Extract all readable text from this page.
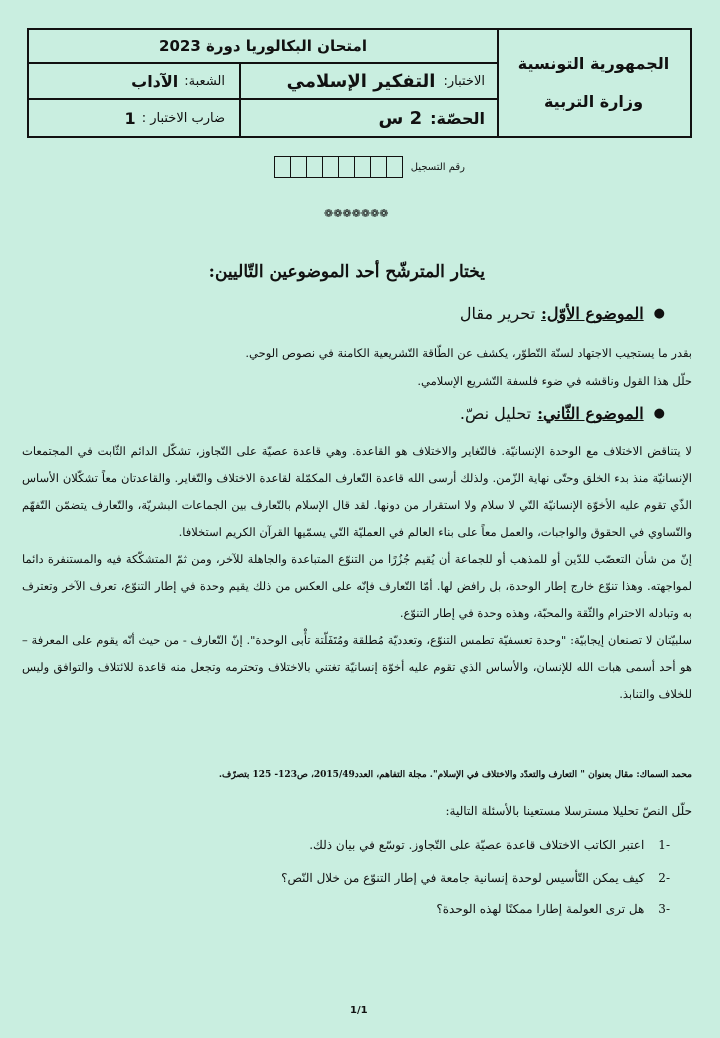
امتحان البكالوريا دورة 2023
الاختبار:
التفكير الإسلامي
الشعبة:
الآداب
الحصّة:
2 س
ضارب الاختبار :
1
الجمهورية التونسية
وزارة التربية
رقم التسجيل
❁❁❁❁❁❁❁
يختار المترشّح أحد الموضوعين التّاليين:
●
الموضوع الأوّل:
تحرير مقال
بقدر ما يستجيب الاجتهاد لسنّة التّطوّر، يكشف عن الطّاقة التّشريعية الكامنة في نصوص الوحي.
حلّل هذا القول وناقشه في ضوء فلسفة التّشريع الإسلامي.
●
الموضوع الثّاني:
تحليل نصّ.
لا يتناقض الاختلاف مع الوحدة الإنسانيّة. فالتّغاير والاختلاف هو القاعدة. وهي قاعدة عصيّة على التّجاوز، تشكّل الدائم الثّابت في المجتمعات الإنسانيّة منذ بدء الخلق وحتّى نهاية الزّمن. ولذلك أرسى الله قاعدة التّعارف المكمّلة لقاعدة الاختلاف والتّغاير. والقاعدتان معاً تشكّلان الأساس الذّي تقوم عليه الأخوّة الإنسانيّة التّي لا سلام ولا استقرار من دونها. لقد قال الإسلام بالتّعارف بين الجماعات البشريّة، والتّعارف يتضمّن التّفهّم والتّساوي في الحقوق والواجبات، والعمل معاً على بناء العالم في العمليّة التّي يسمّيها القرآن الكريم استخلافا.
إنّ من شأن التعصّب للدّين أو للمذهب أو للجماعة أن يُقيم جُزُرًا من التنوّع المتباعدة والجاهلة للآخر، ومن ثمّ المتشكّكة فيه والمستنفرة دائما لمواجهته. وهذا تنوّع خارج إطار الوحدة، بل رافض لها. أمّا التّعارف فإنّه على العكس من ذلك يقيم وحدة في إطار التنوّع، تعرف الآخر وتعترف به وتبادله الاحترام والثّقة والمحبّة، وهذه وحدة في إطار التنوّع.
سلبيّتان لا تصنعان إيجابيّة: "وحدة تعسفيّة تطمس التنوّع، وتعدديّة مُطلقة ومُتَفَلّتة تأْبى الوحدة". إنّ التّعارف - من حيث أنّه يقوم على المعرفة – هو أحد أسمى هبات الله للإنسان، والأساس الذي تقوم عليه أخوّة إنسانيّة تغتني بالاختلاف وتحترمه وتجعل منه قاعدة للائتلاف والتوافق وليس للخلاف والتنابذ.
محمد السماك: مقال بعنوان " التعارف والتعدّد والاختلاف في الإسلام". مجلة التفاهم، العدد2015/49، ص123- 125 بتصرّف.
حلّل النصّ تحليلا مسترسلا مستعينا بالأسئلة التالية:
-1
اعتبر الكاتب الاختلاف قاعدة عصيّة على التّجاوز. توسّع في بيان ذلك.
-2
كيف يمكن التّأسيس لوحدة إنسانية جامعة في إطار التنوّع من خلال النّص؟
-3
هل ترى العولمة إطارا ممكنًا لهذه الوحدة؟
1/1
